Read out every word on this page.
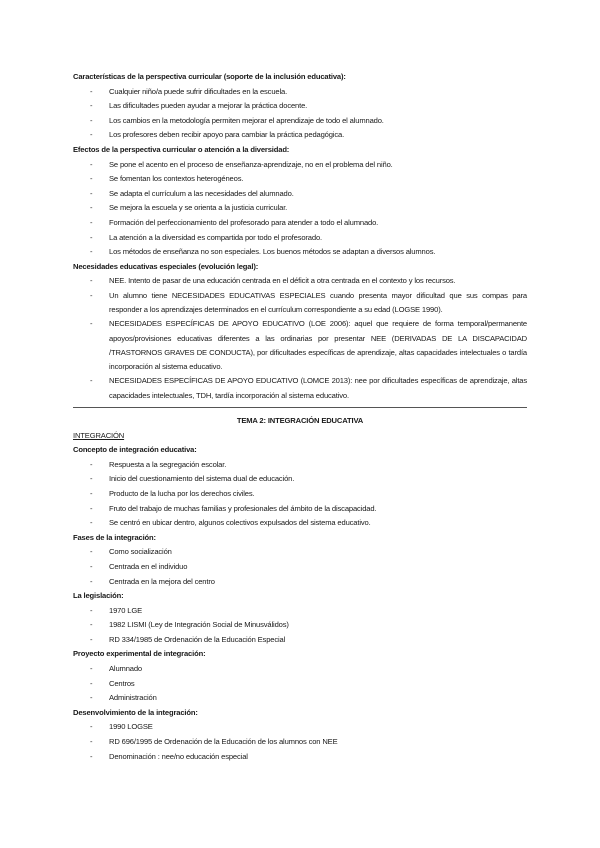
Características de la perspectiva curricular (soporte de la inclusión educativa):
- Cualquier niño/a puede sufrir dificultades en la escuela.
- Las dificultades pueden ayudar a mejorar la práctica docente.
- Los cambios en la metodología permiten mejorar el aprendizaje de todo el alumnado.
- Los profesores deben recibir apoyo para cambiar la práctica pedagógica.
Efectos de la perspectiva curricular o atención a la diversidad:
- Se pone el acento en el proceso de enseñanza-aprendizaje, no en el problema del niño.
- Se fomentan los contextos heterogéneos.
- Se adapta el currículum a las necesidades del alumnado.
- Se mejora la escuela y se orienta a la justicia curricular.
- Formación del perfeccionamiento del profesorado para atender a todo el alumnado.
- La atención a la diversidad es compartida por todo el profesorado.
- Los métodos de enseñanza no son especiales. Los buenos métodos se adaptan a diversos alumnos.
Necesidades educativas especiales (evolución legal):
- NEE. Intento de pasar de una educación centrada en el déficit a otra centrada en el contexto y los recursos.
- Un alumno tiene NECESIDADES EDUCATIVAS ESPECIALES cuando presenta mayor dificultad que sus compas para responder a los aprendizajes determinados en el currículum correspondiente a su edad (LOGSE 1990).
- NECESIDADES ESPECÍFICAS DE APOYO EDUCATIVO (LOE 2006): aquel que requiere de forma temporal/permanente apoyos/provisiones educativas diferentes a las ordinarias por presentar NEE (DERIVADAS DE LA DISCAPACIDAD /TRASTORNOS GRAVES DE CONDUCTA), por dificultades específicas de aprendizaje, altas capacidades intelectuales o tardía incorporación al sistema educativo.
- NECESIDADES ESPECÍFICAS DE APOYO EDUCATIVO (LOMCE 2013): nee por dificultades específicas de aprendizaje, altas capacidades intelectuales, TDH, tardía incorporación al sistema educativo.
TEMA 2: INTEGRACIÓN EDUCATIVA
INTEGRACIÓN
Concepto de integración educativa:
- Respuesta a la segregación escolar.
- Inicio del cuestionamiento del sistema dual de educación.
- Producto de la lucha por los derechos civiles.
- Fruto del trabajo de muchas familias y profesionales del ámbito de la discapacidad.
- Se centró en ubicar dentro, algunos colectivos expulsados del sistema educativo.
Fases de la integración:
- Como socialización
- Centrada en el individuo
- Centrada en la mejora del centro
La legislación:
- 1970 LGE
- 1982 LISMI (Ley de Integración Social de Minusválidos)
- RD 334/1985 de Ordenación de la Educación Especial
Proyecto experimental de integración:
- Alumnado
- Centros
- Administración
Desenvolvimiento de la integración:
- 1990 LOGSE
- RD 696/1995 de Ordenación de la Educación de los alumnos con NEE
- Denominación : nee/no educación especial
